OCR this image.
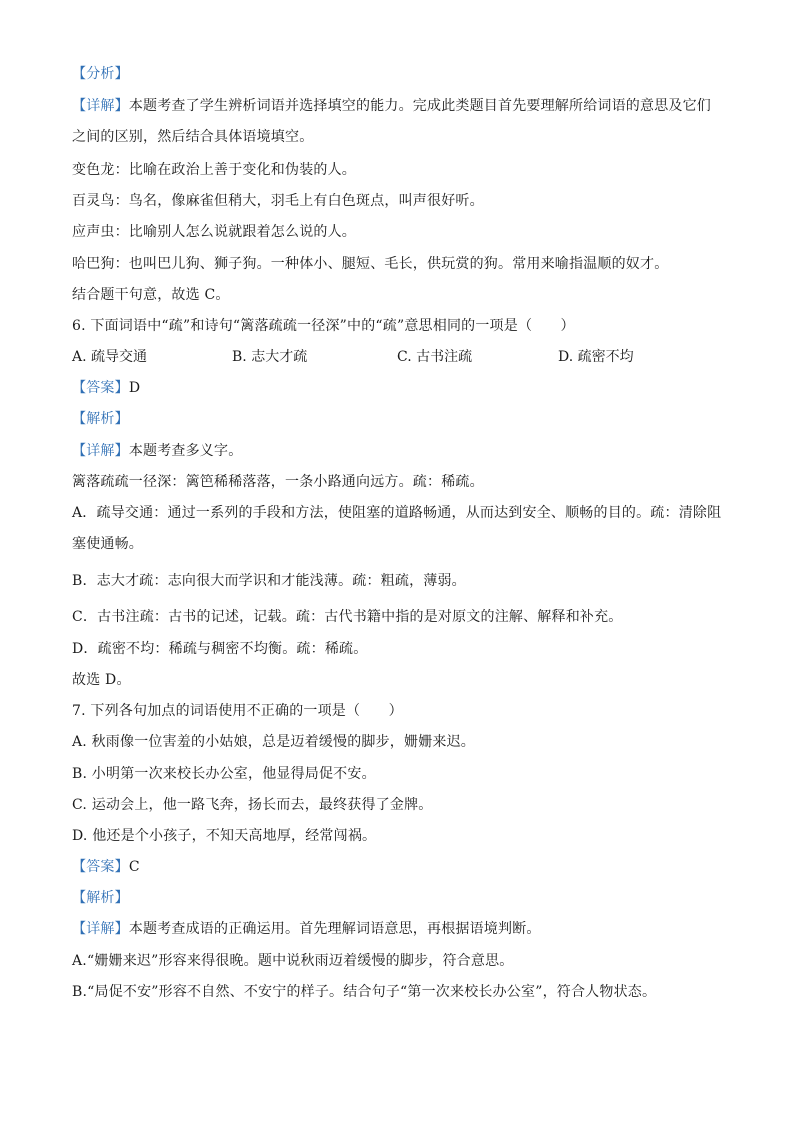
【分析】
【详解】本题考查了学生辨析词语并选择填空的能力。完成此类题目首先要理解所给词语的意思及它们之间的区别，然后结合具体语境填空。
变色龙：比喻在政治上善于变化和伪装的人。
百灵鸟：鸟名，像麻雀但稍大，羽毛上有白色斑点，叫声很好听。
应声虫：比喻别人怎么说就跟着怎么说的人。
哈巴狗：也叫巴儿狗、狮子狗。一种体小、腿短、毛长，供玩赏的狗。常用来喻指温顺的奴才。
结合题干句意，故选 C。
6. 下面词语中“疏”和诗句“篱落疏疏一径深”中的“疏”意思相同的一项是（　　）
A. 疏导交通	B. 志大才疏	C. 古书注疏	D. 疏密不均
【答案】D
【解析】
【详解】本题考查多义字。
篱落疏疏一径深：篱笆稀稀落落，一条小路通向远方。疏：稀疏。
A．疏导交通：通过一系列的手段和方法，使阻塞的道路畅通，从而达到安全、顺畅的目的。疏：清除阻塞使通畅。
B．志大才疏：志向很大而学识和才能浅薄。疏：粗疏，薄弱。
C．古书注疏：古书的记述，记载。疏：古代书籍中指的是对原文的注解、解释和补充。
D．疏密不均：稀疏与稠密不均衡。疏：稀疏。
故选 D。
7. 下列各句加点的词语使用不正确的一项是（　　）
A. 秋雨像一位害羞的小姑娘，总是迈着缓慢的脚步，姗姗来迟。
B. 小明第一次来校长办公室，他显得局促不安。
C. 运动会上，他一路飞奔，扬长而去，最终获得了金牌。
D. 他还是个小孩子，不知天高地厚，经常闯祸。
【答案】C
【解析】
【详解】本题考查成语的正确运用。首先理解词语意思，再根据语境判断。
A.“姗姗来迟”形容来得很晚。题中说秋雨迈着缓慢的脚步，符合意思。
B.“局促不安”形容不自然、不安宁的样子。结合句子“第一次来校长办公室”，符合人物状态。
